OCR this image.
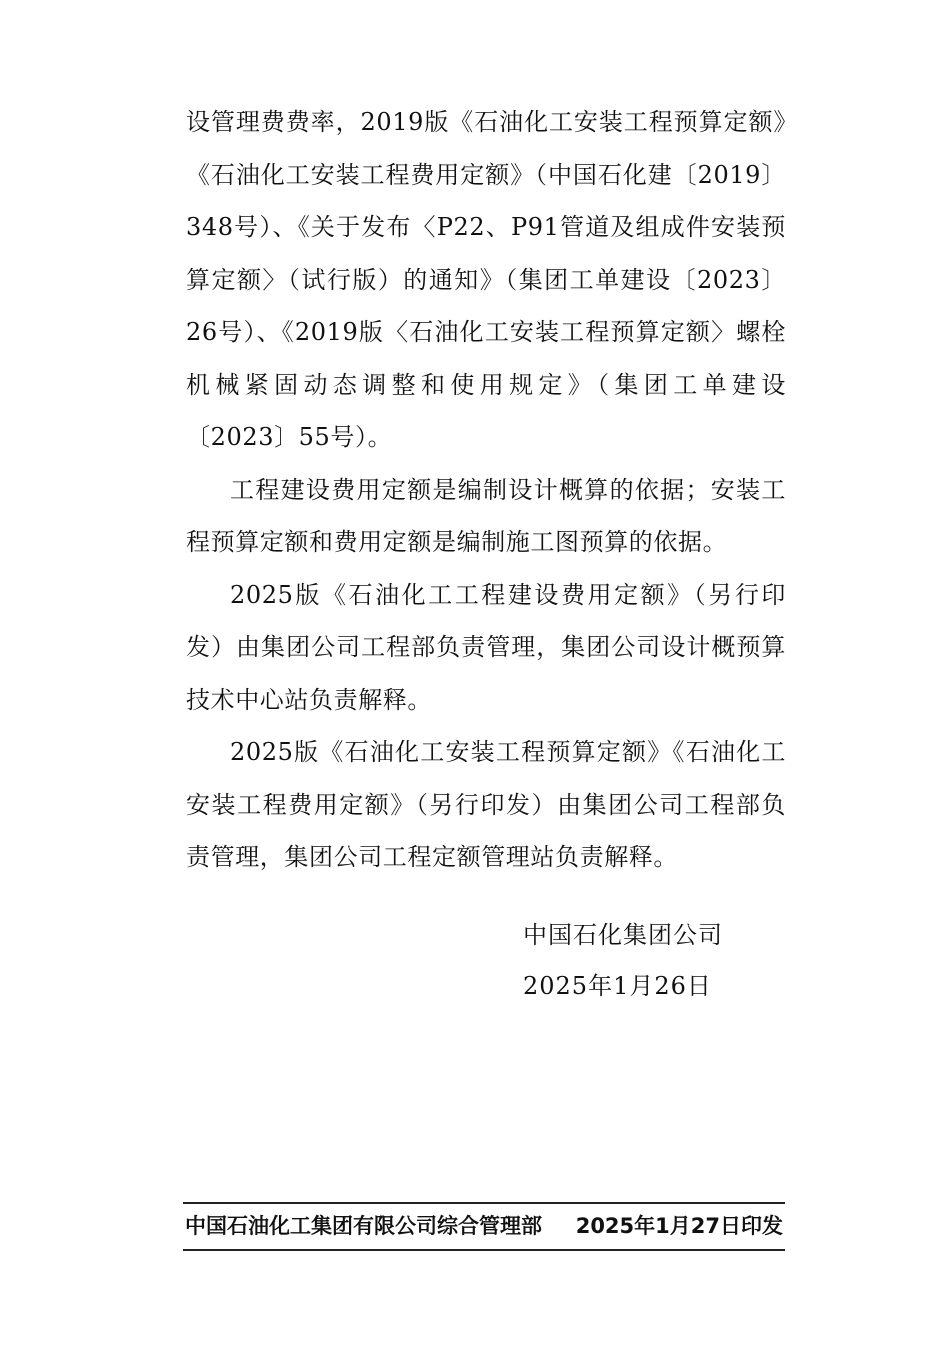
设管理费费率，2019版《石油化工安装工程预算定额》《石油化工安装工程费用定额》（中国石化建〔2019〕348号）、《关于发布〈P22、P91管道及组成件安装预算定额〉（试行版）的通知》（集团工单建设〔2023〕26号）、《2019版〈石油化工安装工程预算定额〉螺栓机械紧固动态调整和使用规定》（集团工单建设〔2023〕55号）。

工程建设费用定额是编制设计概算的依据；安装工程预算定额和费用定额是编制施工图预算的依据。

2025版《石油化工工程建设费用定额》（另行印发）由集团公司工程部负责管理，集团公司设计概预算技术中心站负责解释。

2025版《石油化工安装工程预算定额》《石油化工安装工程费用定额》（另行印发）由集团公司工程部负责管理，集团公司工程定额管理站负责解释。

中国石化集团公司
2025年1月26日
中国石油化工集团有限公司综合管理部 2025年1月27日印发
